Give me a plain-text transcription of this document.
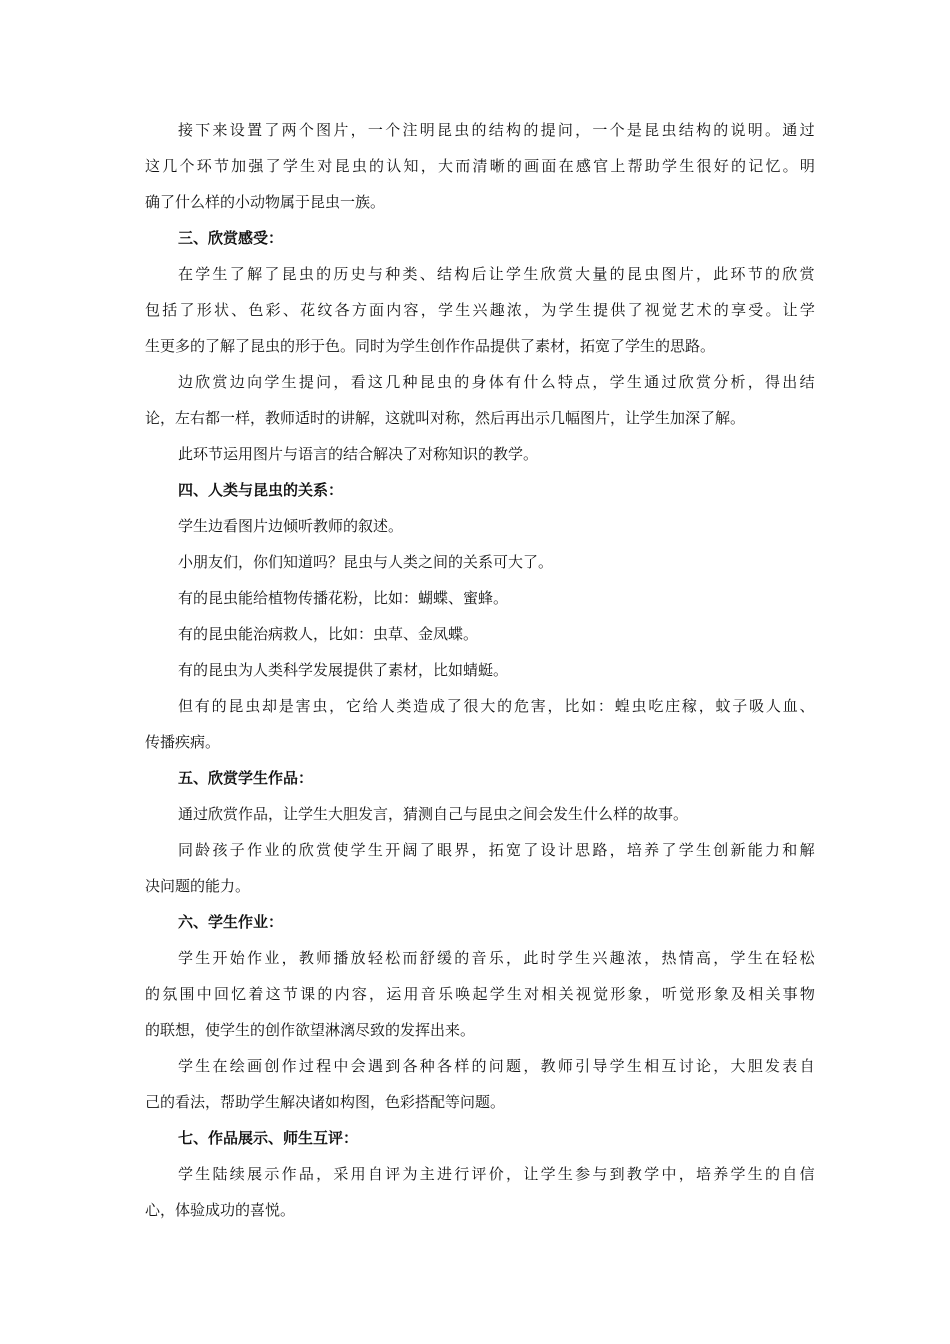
接 下 来 设 置 了 两 个 图 片 ， 一 个 注 明 昆 虫 的 结 构 的 提 问 ， 一 个 是 昆 虫 结 构 的 说 明 。 通 过
这 几 个 环 节 加 强 了 学 生 对 昆 虫 的 认 知 ， 大 而 清 晰 的 画 面 在 感 官 上 帮 助 学 生 很 好 的 记 忆 。 明
确了什么样的小动物属于昆虫一族。
三、欣赏感受：
在 学 生 了 解 了 昆 虫 的 历 史 与 种 类 、 结 构 后 让 学 生 欣 赏 大 量 的 昆 虫 图 片 ， 此 环 节 的 欣 赏
包 括 了 形 状 、 色 彩 、 花 纹 各 方 面 内 容 ， 学 生 兴 趣 浓 ， 为 学 生 提 供 了 视 觉 艺 术 的 享 受 。 让 学
生更多的了解了昆虫的形于色。同时为学生创作作品提供了素材，拓宽了学生的思路。
边 欣 赏 边 向 学 生 提 问 ， 看 这 几 种 昆 虫 的 身 体 有 什 么 特 点 ， 学 生 通 过 欣 赏 分 析 ， 得 出 结
论，左右都一样，教师适时的讲解，这就叫对称，然后再出示几幅图片，让学生加深了解。
此环节运用图片与语言的结合解决了对称知识的教学。
四、人类与昆虫的关系：
学生边看图片边倾听教师的叙述。
小朋友们，你们知道吗？昆虫与人类之间的关系可大了。
有的昆虫能给植物传播花粉，比如：蝴蝶、蜜蜂。
有的昆虫能治病救人，比如：虫草、金凤蝶。
有的昆虫为人类科学发展提供了素材，比如蜻蜓。
但 有 的 昆 虫 却 是 害 虫 ， 它 给 人 类 造 成 了 很 大 的 危 害 ， 比 如 ： 蝗 虫 吃 庄 稼 ， 蚊 子 吸 人 血 、
传播疾病。
五、欣赏学生作品：
通过欣赏作品，让学生大胆发言，猜测自己与昆虫之间会发生什么样的故事。
同 龄 孩 子 作 业 的 欣 赏 使 学 生 开 阔 了 眼 界 ， 拓 宽 了 设 计 思 路 ， 培 养 了 学 生 创 新 能 力 和 解
决问题的能力。
六、学生作业：
学 生 开 始 作 业 ， 教 师 播 放 轻 松 而 舒 缓 的 音 乐 ， 此 时 学 生 兴 趣 浓 ， 热 情 高 ， 学 生 在 轻 松
的 氛 围 中 回 忆 着 这 节 课 的 内 容 ， 运 用 音 乐 唤 起 学 生 对 相 关 视 觉 形 象 ， 听 觉 形 象 及 相 关 事 物
的联想，使学生的创作欲望淋漓尽致的发挥出来。
学 生 在 绘 画 创 作 过 程 中 会 遇 到 各 种 各 样 的 问 题 ， 教 师 引 导 学 生 相 互 讨 论 ， 大 胆 发 表 自
己的看法，帮助学生解决诸如构图，色彩搭配等问题。
七、作品展示、师生互评：
学 生 陆 续 展 示 作 品 ， 采 用 自 评 为 主 进 行 评 价 ， 让 学 生 参 与 到 教 学 中 ， 培 养 学 生 的 自 信
心，体验成功的喜悦。
